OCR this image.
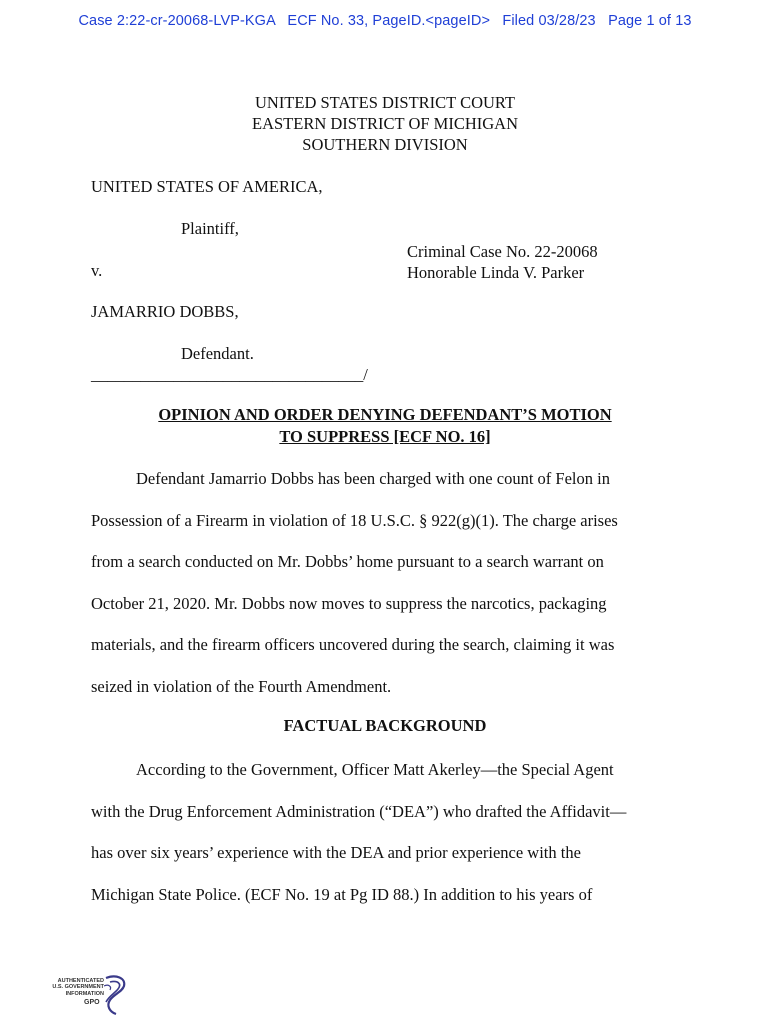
Case 2:22-cr-20068-LVP-KGA   ECF No. 33, PageID.<pageID>   Filed 03/28/23   Page 1 of 13
UNITED STATES DISTRICT COURT
EASTERN DISTRICT OF MICHIGAN
SOUTHERN DIVISION
UNITED STATES OF AMERICA,
Plaintiff,
Criminal Case No. 22-20068
Honorable Linda V. Parker
v.
JAMARRIO DOBBS,
Defendant.
_________________________________/
OPINION AND ORDER DENYING DEFENDANT’S MOTION
TO SUPPRESS [ECF NO. 16]
Defendant Jamarrio Dobbs has been charged with one count of Felon in
Possession of a Firearm in violation of 18 U.S.C. § 922(g)(1). The charge arises
from a search conducted on Mr. Dobbs’ home pursuant to a search warrant on
October 21, 2020. Mr. Dobbs now moves to suppress the narcotics, packaging
materials, and the firearm officers uncovered during the search, claiming it was
seized in violation of the Fourth Amendment.
FACTUAL BACKGROUND
According to the Government, Officer Matt Akerley—the Special Agent
with the Drug Enforcement Administration (“DEA”) who drafted the Affidavit—
has over six years’ experience with the DEA and prior experience with the
Michigan State Police. (ECF No. 19 at Pg ID 88.) In addition to his years of
AUTHENTICATED
U.S. GOVERNMENT
INFORMATION
GPO
